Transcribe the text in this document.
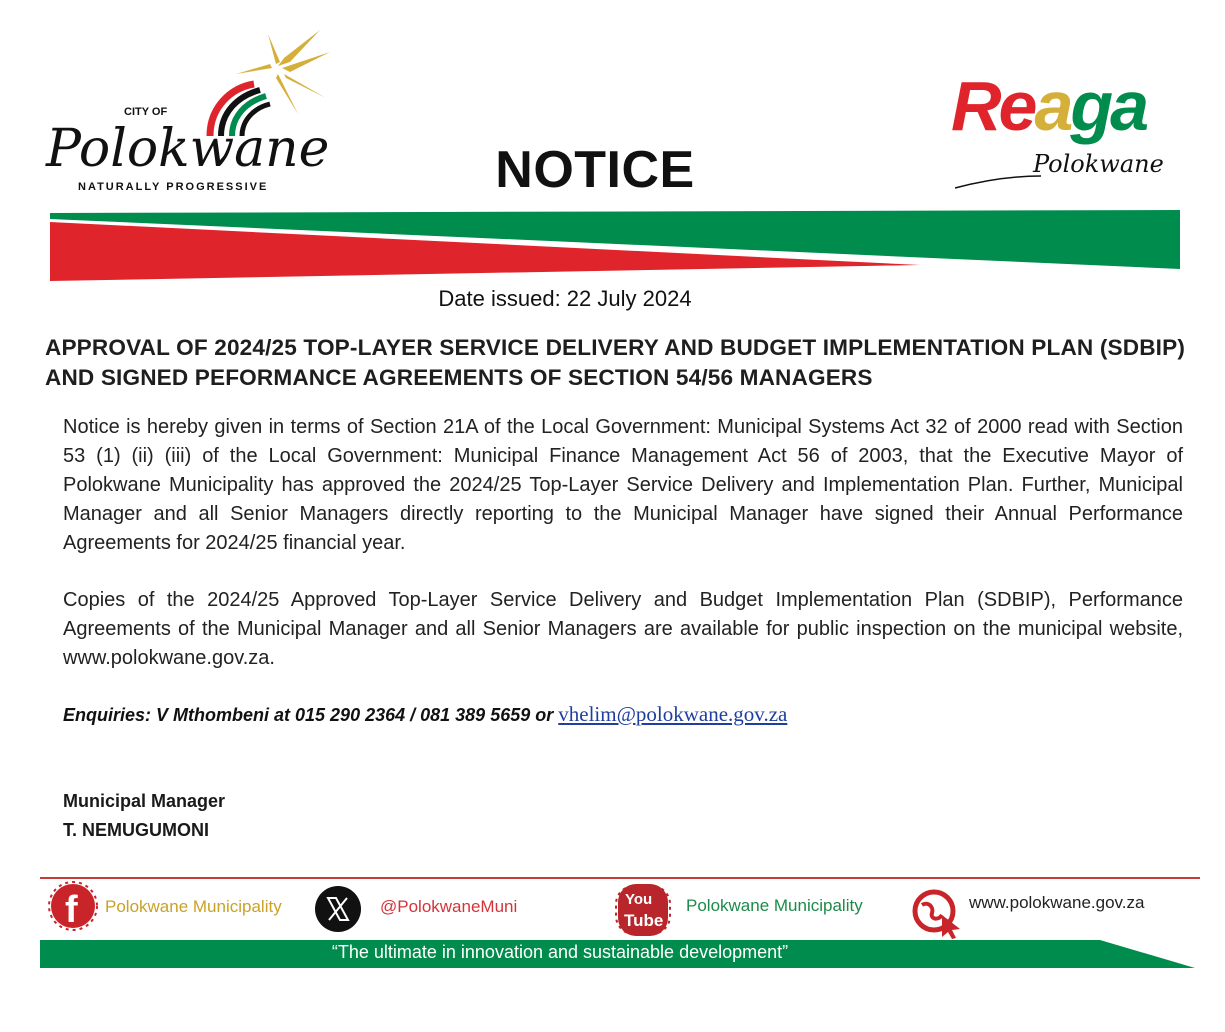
CITY OF
Polokwane
NATURALLY PROGRESSIVE	NOTICE
Reaga
Polokwane
Date issued: 22 July 2024
APPROVAL OF 2024/25 TOP-LAYER SERVICE DELIVERY AND BUDGET IMPLEMENTATION PLAN (SDBIP) AND SIGNED PEFORMANCE AGREEMENTS OF SECTION 54/56 MANAGERS
Notice is hereby given in terms of Section 21A of the Local Government: Municipal Systems Act 32 of 2000 read with Section 53 (1) (ii) (iii) of the Local Government: Municipal Finance Management Act 56 of 2003, that the Executive Mayor of Polokwane Municipality has approved the 2024/25 Top-Layer Service Delivery and Implementation Plan. Further, Municipal Manager and all Senior Managers directly reporting to the Municipal Manager have signed their Annual Performance Agreements for 2024/25 financial year.
Copies of the 2024/25 Approved Top-Layer Service Delivery and Budget Implementation Plan (SDBIP), Performance Agreements of the Municipal Manager and all Senior Managers are available for public inspection on the municipal website, www.polokwane.gov.za.
Enquiries: V Mthombeni at 015 290 2364 / 081 389 5659 or vhelim@polokwane.gov.za
Municipal Manager
T. NEMUGUMONI
f Polokwane Municipality	@PolokwaneMuni	You
Tube
Polokwane Municipality	www.polokwane.gov.za
“The ultimate in innovation and sustainable development”
